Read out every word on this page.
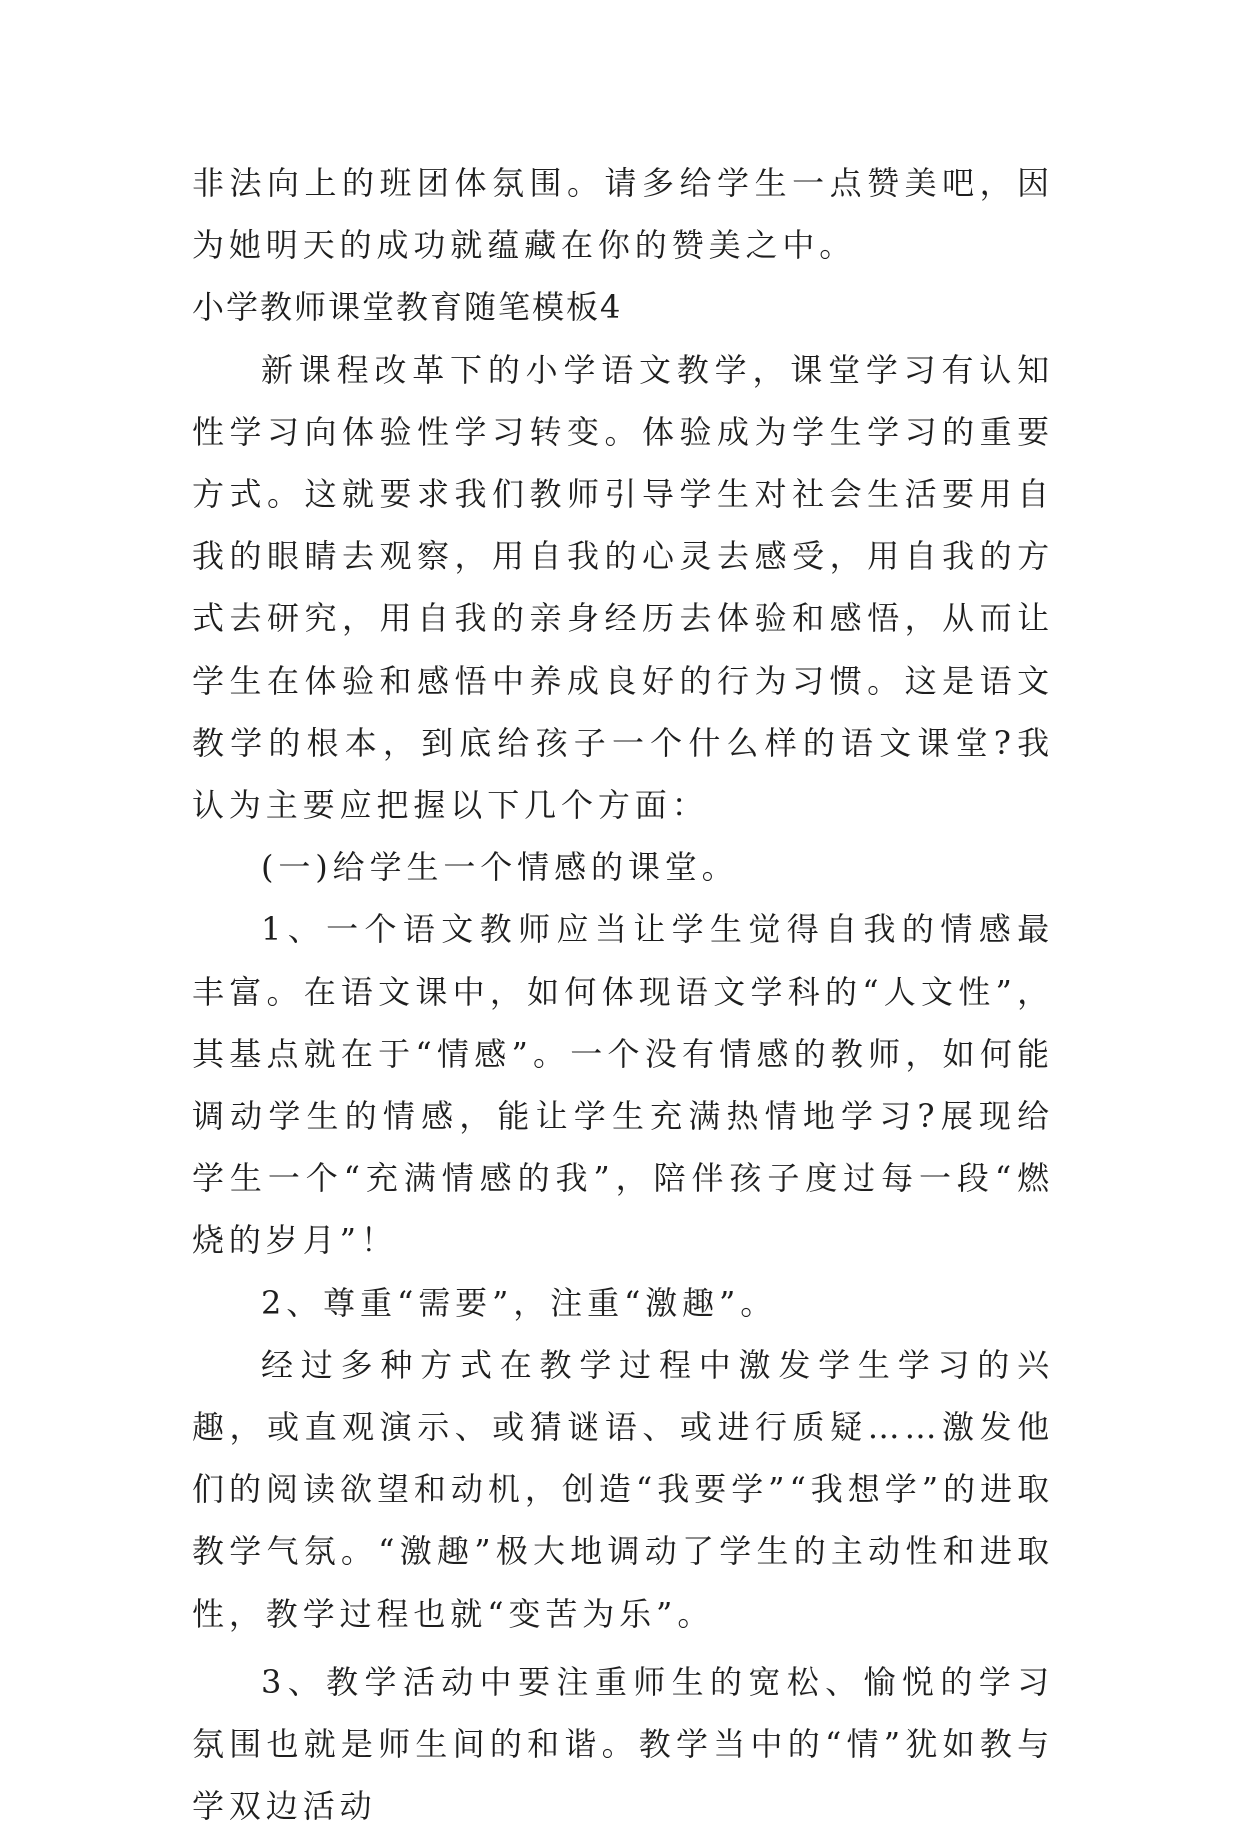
非法向上的班团体氛围。请多给学生一点赞美吧，因为她明天的成功就蕴藏在你的赞美之中。

小学教师课堂教育随笔模板4

新课程改革下的小学语文教学，课堂学习有认知性学习向体验性学习转变。体验成为学生学习的重要方式。这就要求我们教师引导学生对社会生活要用自我的眼睛去观察，用自我的心灵去感受，用自我的方式去研究，用自我的亲身经历去体验和感悟，从而让学生在体验和感悟中养成良好的行为习惯。这是语文教学的根本，到底给孩子一个什么样的语文课堂?我认为主要应把握以下几个方面：

(一)给学生一个情感的课堂。

1、一个语文教师应当让学生觉得自我的情感最丰富。在语文课中，如何体现语文学科的“人文性”，其基点就在于“情感”。一个没有情感的教师，如何能调动学生的情感，能让学生充满热情地学习?展现给学生一个“充满情感的我”，陪伴孩子度过每一段“燃烧的岁月”！

2、尊重“需要”，注重“激趣”。

经过多种方式在教学过程中激发学生学习的兴趣，或直观演示、或猜谜语、或进行质疑……激发他们的阅读欲望和动机，创造“我要学”“我想学”的进取教学气氛。“激趣”极大地调动了学生的主动性和进取性，教学过程也就“变苦为乐”。

3、教学活动中要注重师生的宽松、愉悦的学习氛围也就是师生间的和谐。教学当中的“情”犹如教与学双边活动
